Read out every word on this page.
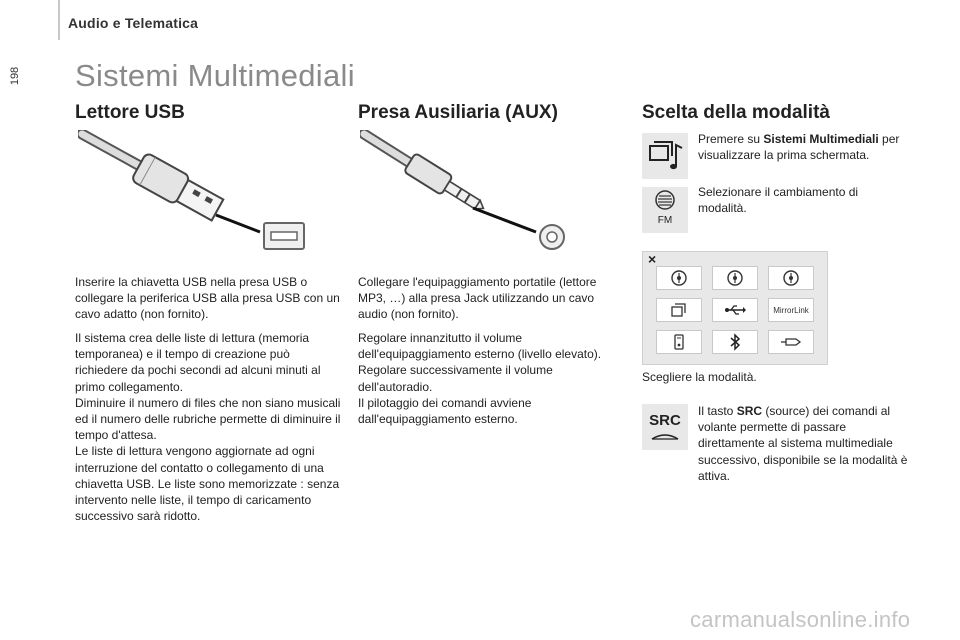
Audio e Telematica
198 Sistemi Multimediali
Lettore USB

Inserire la chiavetta USB nella presa USB o collegare la periferica USB alla presa USB con un cavo adatto (non fornito).

Il sistema crea delle liste di lettura (memoria temporanea) e il tempo di creazione può richiedere da pochi secondi ad alcuni minuti al primo collegamento.
Diminuire il numero di files che non siano musicali ed il numero delle rubriche permette di diminuire il tempo d'attesa.
Le liste di lettura vengono aggiornate ad ogni interruzione del contatto o collegamento di una chiavetta USB. Le liste sono memorizzate : senza intervento nelle liste, il tempo di caricamento successivo sarà ridotto.
Presa Ausiliaria (AUX)

Collegare l'equipaggiamento portatile (lettore MP3, …) alla presa Jack utilizzando un cavo audio (non fornito).

Regolare innanzitutto il volume dell'equipaggiamento esterno (livello elevato).
Regolare successivamente il volume dell'autoradio.
Il pilotaggio dei comandi avviene dall'equipaggiamento esterno.
Scelta della modalità

Premere su Sistemi Multimediali per visualizzare la prima schermata.

FM

Selezionare il cambiamento di modalità.

×
MirrorLink

Scegliere la modalità.

SRC

Il tasto SRC (source) dei comandi al volante permette di passare direttamente al sistema multimediale successivo, disponibile se la modalità è attiva.

carmanualsonline.info
